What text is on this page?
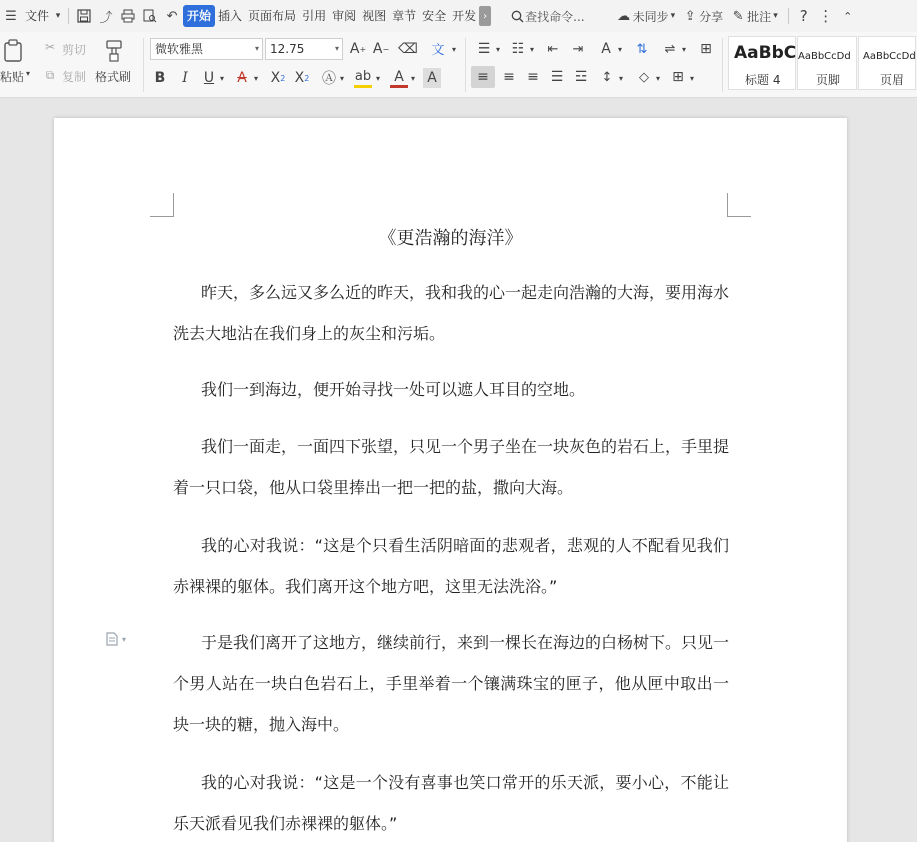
☰ 文件 ▾	⤴	↶ 开始 插入 页面布局 引用 审阅 视图 章节 安全 开发 ›	查找命令...	☁ 未同步 ▾ ⇪ 分享 ✎ 批注 ▾	? ⋮ ⌃
粘贴 ▾
✂ 剪切
⧉ 复制 格式刷
微软雅黑	▾ 12.75	▾ A + A − ⌫	文 ▾
B	I	U ▾ A ▾ X 2 X 2 Ⓐ ▾ ab ▾	A ▾ A
☰ ▾ ☷ ▾	⇤	⇥	A ▾	⇅	⇌ ▾ ⊞
≡	≡ ≡ ☰ ☲	↕ ▾	◇ ▾ ⊞ ▾
AaBbC
标题 4
AaBbCcDd
页脚
AaBbCcDd
页眉
《更浩瀚的海洋》

昨天，多么远又多么近的昨天，我和我的心一起走向浩瀚的大海，要用海水洗去大地沾在我们身上的灰尘和污垢。

我们一到海边，便开始寻找一处可以遮人耳目的空地。

我们一面走，一面四下张望，只见一个男子坐在一块灰色的岩石上，手里提着一只口袋，他从口袋里捧出一把一把的盐，撒向大海。

我的心对我说：“这是个只看生活阴暗面的悲观者，悲观的人不配看见我们赤裸裸的躯体。我们离开这个地方吧，这里无法洗浴。”

于是我们离开了这地方，继续前行，来到一棵长在海边的白杨树下。只见一个男人站在一块白色岩石上，手里举着一个镶满珠宝的匣子，他从匣中取出一块一块的糖，抛入海中。

我的心对我说：“这是一个没有喜事也笑口常开的乐天派，要小心，不能让乐天派看见我们赤裸裸的躯体。”

▾
